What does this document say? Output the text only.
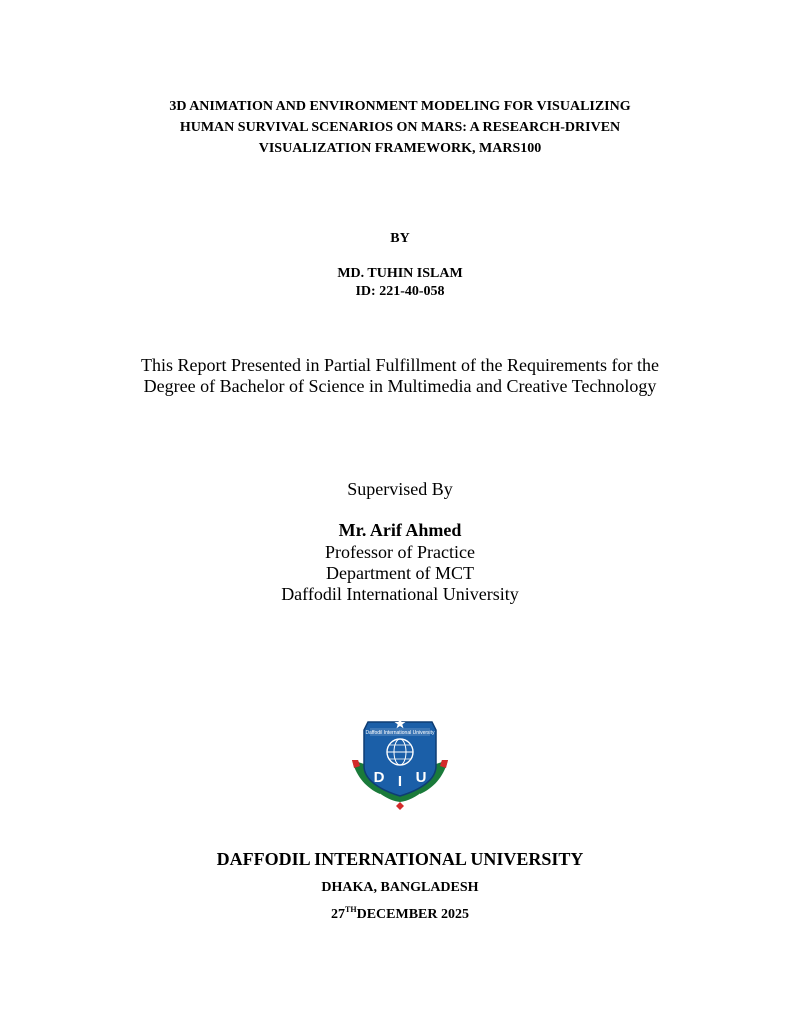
3D ANIMATION AND ENVIRONMENT MODELING FOR VISUALIZING
HUMAN SURVIVAL SCENARIOS ON MARS: A RESEARCH-DRIVEN
VISUALIZATION FRAMEWORK, MARS100
BY
MD. TUHIN ISLAM
ID: 221-40-058
This Report Presented in Partial Fulfillment of the Requirements for the
Degree of Bachelor of Science in Multimedia and Creative Technology
Supervised By
Mr. Arif Ahmed
Professor of Practice
Department of MCT
Daffodil International University
Daffodil International University
D I U
DAFFODIL INTERNATIONAL UNIVERSITY
DHAKA, BANGLADESH
27THDECEMBER 2025
